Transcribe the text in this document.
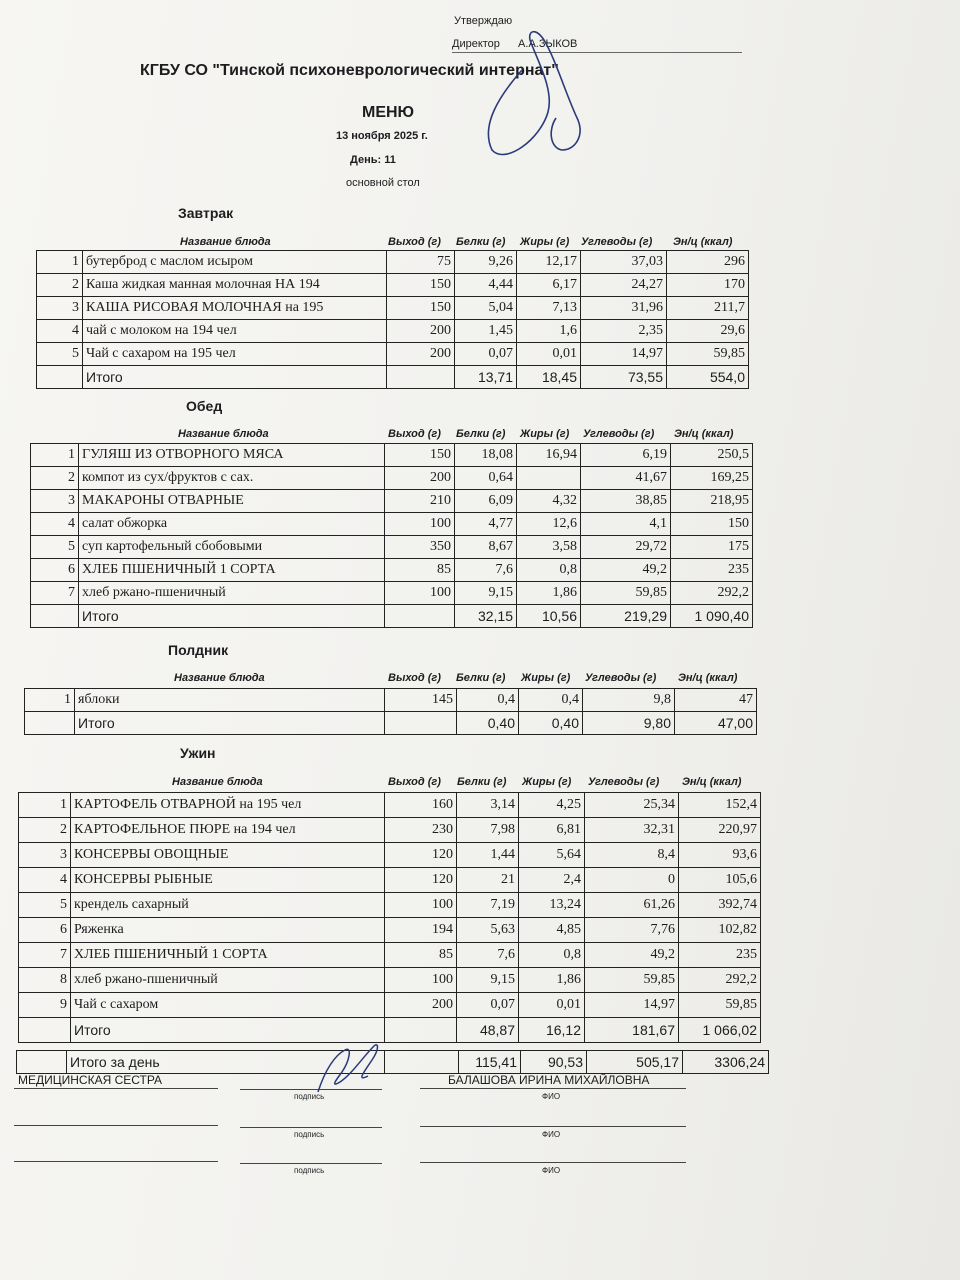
Утверждаю
Директор А.А.ЗЫКОВ
КГБУ СО "Тинской психоневрологический интернат"
МЕНЮ
13 ноября 2025 г.
День: 11
основной стол
Завтрак
Название блюда	Выход (г) Белки (г) Жиры (г) Углеводы (г) Эн/ц (ккал)
1	бутерброд с маслом исыром	75	9,26	12,17	37,03	296
2	Каша жидкая манная молочная НА 194	150	4,44	6,17	24,27	170
3	КАША РИСОВАЯ МОЛОЧНАЯ на 195	150	5,04	7,13	31,96	211,7
4	чай с молоком на 194 чел	200	1,45	1,6	2,35	29,6
5	Чай с сахаром на 195 чел	200	0,07	0,01	14,97	59,85
	Итого		13,71	18,45	73,55	554,0
Обед
Название блюда	Выход (г) Белки (г) Жиры (г) Углеводы (г) Эн/ц (ккал)
1	ГУЛЯШ ИЗ ОТВОРНОГО МЯСА	150	18,08	16,94	6,19	250,5
2	компот из сух/фруктов с сах.	200	0,64		41,67	169,25
3	МАКАРОНЫ ОТВАРНЫЕ	210	6,09	4,32	38,85	218,95
4	салат обжорка	100	4,77	12,6	4,1	150
5	суп картофельный сбобовыми	350	8,67	3,58	29,72	175
6	ХЛЕБ ПШЕНИЧНЫЙ 1 СОРТА	85	7,6	0,8	49,2	235
7	хлеб ржано-пшеничный	100	9,15	1,86	59,85	292,2
	Итого		32,15	10,56	219,29	1 090,40
Полдник
Название блюда	Выход (г) Белки (г) Жиры (г) Углеводы (г) Эн/ц (ккал)
1	яблоки	145	0,4	0,4	9,8	47
	Итого		0,40	0,40	9,80	47,00
Ужин
Название блюда	Выход (г) Белки (г) Жиры (г) Углеводы (г) Эн/ц (ккал)
1	КАРТОФЕЛЬ ОТВАРНОЙ на 195 чел	160	3,14	4,25	25,34	152,4
2	КАРТОФЕЛЬНОЕ ПЮРЕ на 194 чел	230	7,98	6,81	32,31	220,97
3	КОНСЕРВЫ ОВОЩНЫЕ	120	1,44	5,64	8,4	93,6
4	КОНСЕРВЫ РЫБНЫЕ	120	21	2,4	0	105,6
5	крендель сахарный	100	7,19	13,24	61,26	392,74
6	Ряженка	194	5,63	4,85	7,76	102,82
7	ХЛЕБ ПШЕНИЧНЫЙ 1 СОРТА	85	7,6	0,8	49,2	235
8	хлеб ржано-пшеничный	100	9,15	1,86	59,85	292,2
9	Чай с сахаром	200	0,07	0,01	14,97	59,85
	Итого		48,87	16,12	181,67	1 066,02
	Итого за день		115,41	90,53	505,17	3306,24
МЕДИЦИНСКАЯ СЕСТРА
подпись
БАЛАШОВА ИРИНА МИХАЙЛОВНА
ФИО
подпись	ФИО
подпись	ФИО
